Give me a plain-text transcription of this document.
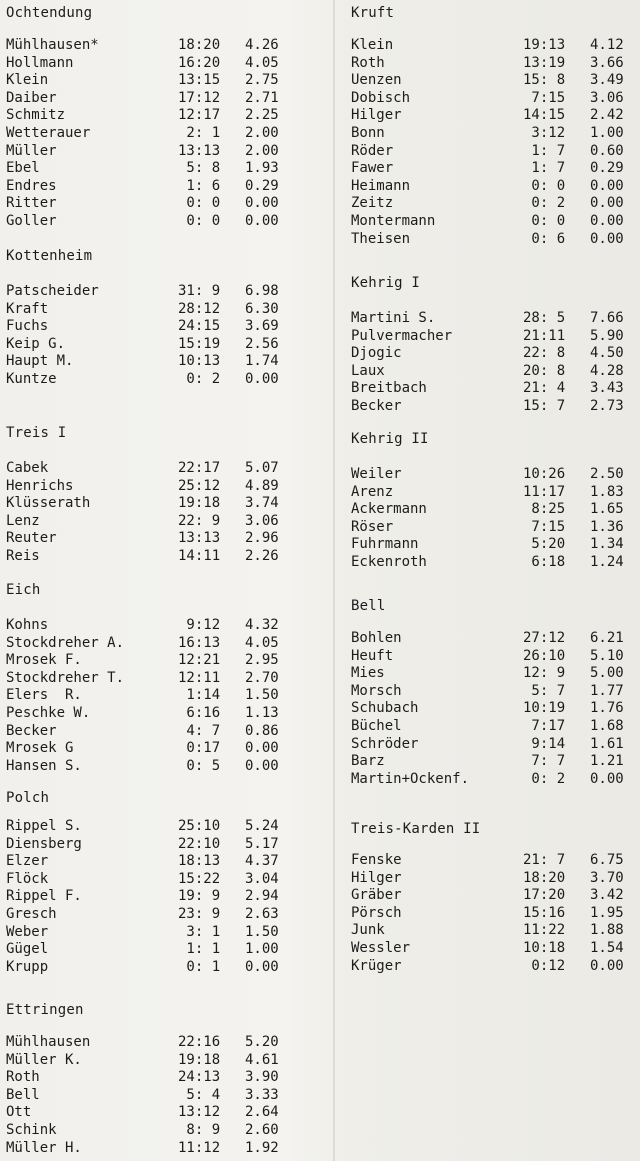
Ochtendung
Mühlhausen*	18:20 4.26
Hollmann	16:20 4.05
Klein	13:15 2.75
Daiber	17:12 2.71
Schmitz	12:17 2.25
Wetterauer	2: 1 2.00
Müller	13:13 2.00
Ebel	5: 8 1.93
Endres	1: 6 0.29
Ritter	0: 0 0.00
Goller	0: 0 0.00
Kottenheim
Patscheider	31: 9 6.98
Kraft	28:12 6.30
Fuchs	24:15 3.69
Keip G.	15:19 2.56
Haupt M.	10:13 1.74
Kuntze	0: 2 0.00
Treis I
Cabek	22:17 5.07
Henrichs	25:12 4.89
Klüsserath	19:18 3.74
Lenz	22: 9 3.06
Reuter	13:13 2.96
Reis	14:11 2.26
Eich
Kohns	9:12 4.32
Stockdreher A.	16:13 4.05
Mrosek F.	12:21 2.95
Stockdreher T.	12:11 2.70
Elers  R.	1:14 1.50
Peschke W.	6:16 1.13
Becker	4: 7 0.86
Mrosek G	0:17 0.00
Hansen S.	0: 5 0.00
Polch
Rippel S.	25:10 5.24
Diensberg	22:10 5.17
Elzer	18:13 4.37
Flöck	15:22 3.04
Rippel F.	19: 9 2.94
Gresch	23: 9 2.63
Weber	3: 1 1.50
Gügel	1: 1 1.00
Krupp	0: 1 0.00
Ettringen
Mühlhausen	22:16 5.20
Müller K.	19:18 4.61
Roth	24:13 3.90
Bell	5: 4 3.33
Ott	13:12 2.64
Schink	8: 9 2.60
Müller H.	11:12 1.92
Kruft
Klein	19:13 4.12
Roth	13:19 3.66
Uenzen	15: 8 3.49
Dobisch	7:15 3.06
Hilger	14:15 2.42
Bonn	3:12 1.00
Röder	1: 7 0.60
Fawer	1: 7 0.29
Heimann	0: 0 0.00
Zeitz	0: 2 0.00
Montermann	0: 0 0.00
Theisen	0: 6 0.00
Kehrig I
Martini S.	28: 5 7.66
Pulvermacher	21:11 5.90
Djogic	22: 8 4.50
Laux	20: 8 4.28
Breitbach	21: 4 3.43
Becker	15: 7 2.73
Kehrig II
Weiler	10:26 2.50
Arenz	11:17 1.83
Ackermann	8:25 1.65
Röser	7:15 1.36
Fuhrmann	5:20 1.34
Eckenroth	6:18 1.24
Bell
Bohlen	27:12 6.21
Heuft	26:10 5.10
Mies	12: 9 5.00
Morsch	5: 7 1.77
Schubach	10:19 1.76
Büchel	7:17 1.68
Schröder	9:14 1.61
Barz	7: 7 1.21
Martin+Ockenf.	0: 2 0.00
Treis-Karden II
Fenske	21: 7 6.75
Hilger	18:20 3.70
Gräber	17:20 3.42
Pörsch	15:16 1.95
Junk	11:22 1.88
Wessler	10:18 1.54
Krüger	0:12 0.00
